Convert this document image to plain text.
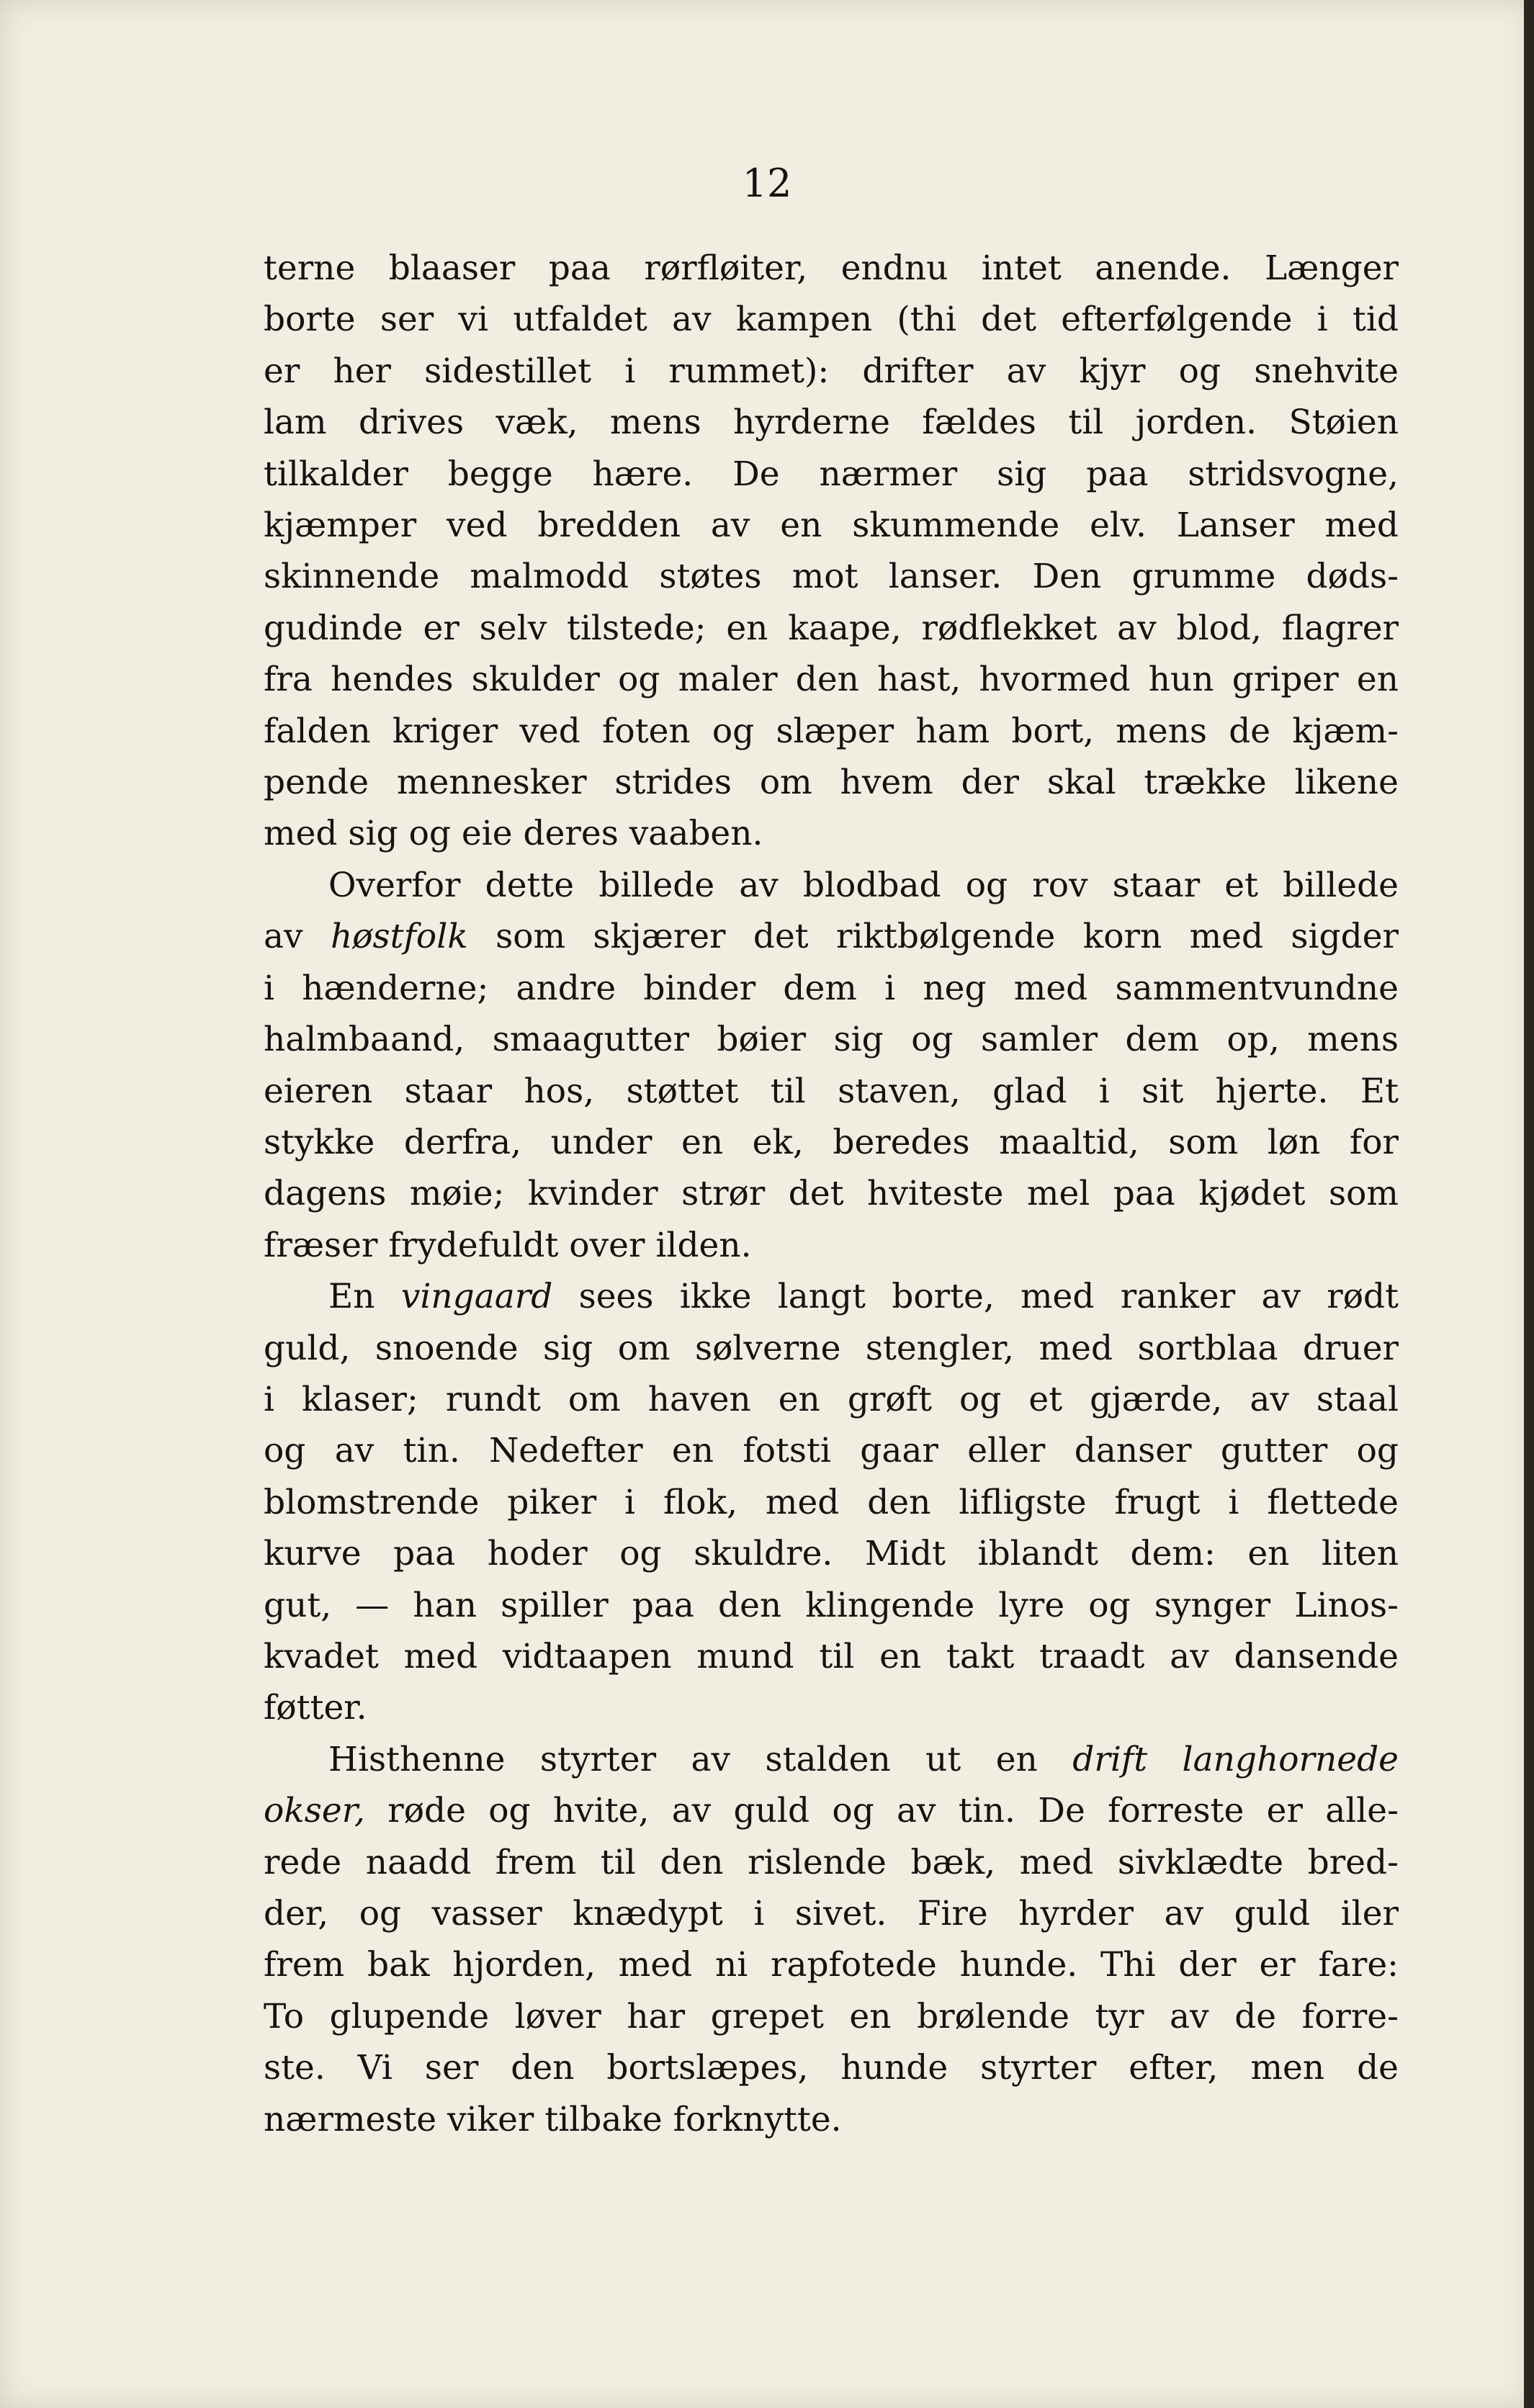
12
terne blaaser paa rørfløiter, endnu intet anende. Længer
borte ser vi utfaldet av kampen (thi det efterfølgende i tid
er her sidestillet i rummet): drifter av kjyr og snehvite
lam drives væk, mens hyrderne fældes til jorden. Støien
tilkalder begge hære. De nærmer sig paa stridsvogne,
kjæmper ved bredden av en skummende elv. Lanser med
skinnende malmodd støtes mot lanser. Den grumme døds-
gudinde er selv tilstede; en kaape, rødflekket av blod, flagrer
fra hendes skulder og maler den hast, hvormed hun griper en
falden kriger ved foten og slæper ham bort, mens de kjæm-
pende mennesker strides om hvem der skal trække likene
med sig og eie deres vaaben.
Overfor dette billede av blodbad og rov staar et billede
av høstfolk som skjærer det riktbølgende korn med sigder
i hænderne; andre binder dem i neg med sammentvundne
halmbaand, smaagutter bøier sig og samler dem op, mens
eieren staar hos, støttet til staven, glad i sit hjerte. Et
stykke derfra, under en ek, beredes maaltid, som løn for
dagens møie; kvinder strør det hviteste mel paa kjødet som
fræser frydefuldt over ilden.
En vingaard sees ikke langt borte, med ranker av rødt
guld, snoende sig om sølverne stengler, med sortblaa druer
i klaser; rundt om haven en grøft og et gjærde, av staal
og av tin. Nedefter en fotsti gaar eller danser gutter og
blomstrende piker i flok, med den lifligste frugt i flettede
kurve paa hoder og skuldre. Midt iblandt dem: en liten
gut, — han spiller paa den klingende lyre og synger Linos-
kvadet med vidtaapen mund til en takt traadt av dansende
føtter.
Histhenne styrter av stalden ut en drift langhornede
okser, røde og hvite, av guld og av tin. De forreste er alle-
rede naadd frem til den rislende bæk, med sivklædte bred-
der, og vasser knædypt i sivet. Fire hyrder av guld iler
frem bak hjorden, med ni rapfotede hunde. Thi der er fare:
To glupende løver har grepet en brølende tyr av de forre-
ste. Vi ser den bortslæpes, hunde styrter efter, men de
nærmeste viker tilbake forknytte.
